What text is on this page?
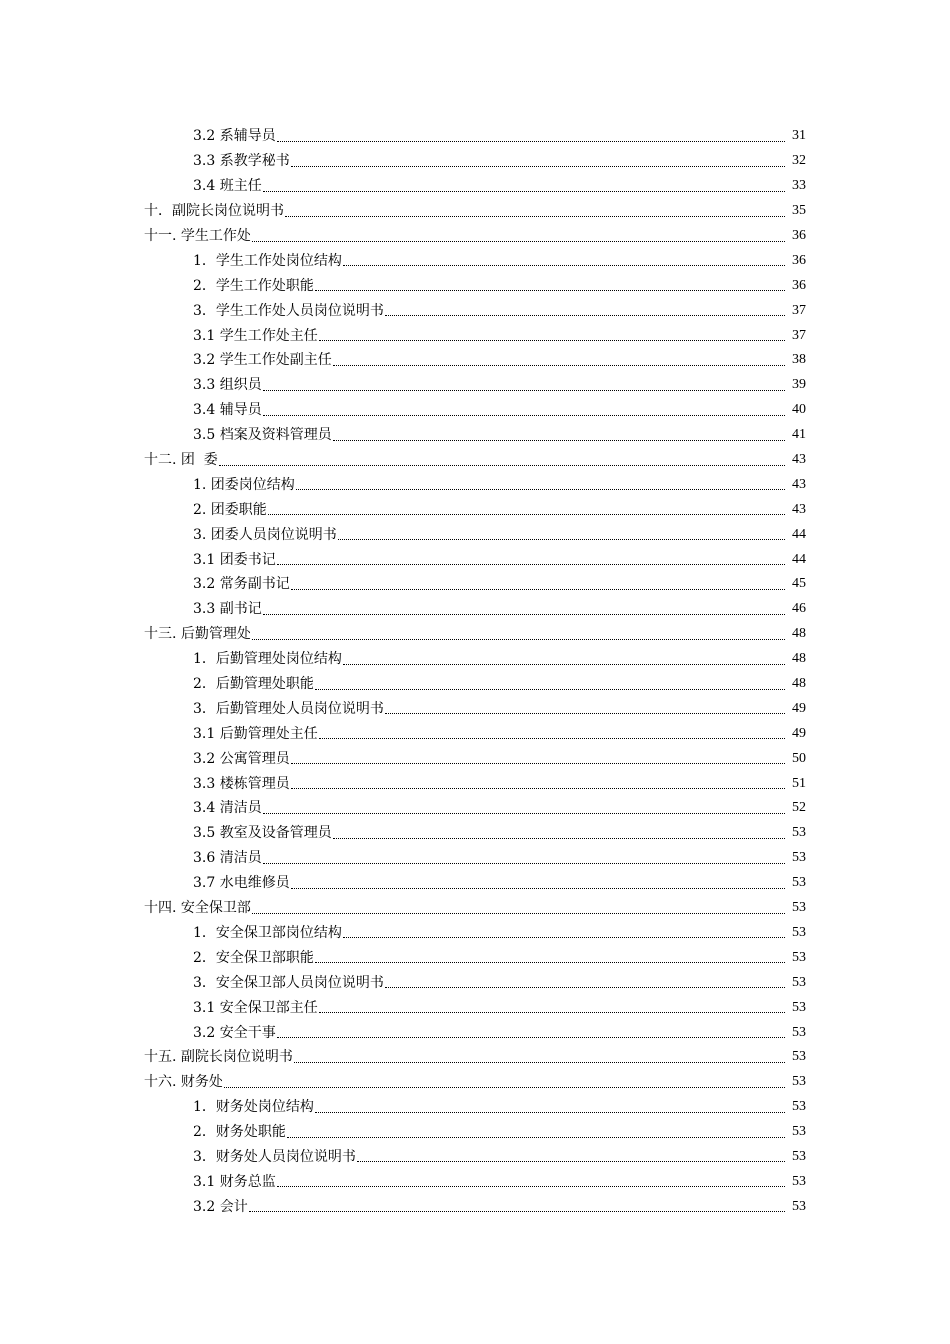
3.2 系辅导员	31
3.3 系教学秘书	32
3.4 班主任	33
十．副院长岗位说明书	35
十一. 学生工作处	36
1．学生工作处岗位结构	36
2．学生工作处职能	36
3．学生工作处人员岗位说明书	37
3.1 学生工作处主任	37
3.2 学生工作处副主任	38
3.3 组织员	39
3.4 辅导员	40
3.5 档案及资料管理员	41
十二. 团  委	43
1. 团委岗位结构	43
2. 团委职能	43
3. 团委人员岗位说明书	44
3.1 团委书记	44
3.2 常务副书记	45
3.3 副书记	46
十三. 后勤管理处	48
1．后勤管理处岗位结构	48
2．后勤管理处职能	48
3．后勤管理处人员岗位说明书	49
3.1 后勤管理处主任	49
3.2 公寓管理员	50
3.3 楼栋管理员	51
3.4 清洁员	52
3.5 教室及设备管理员	53
3.6 清洁员	53
3.7 水电维修员	53
十四. 安全保卫部	53
1．安全保卫部岗位结构	53
2．安全保卫部职能	53
3．安全保卫部人员岗位说明书	53
3.1 安全保卫部主任	53
3.2 安全干事	53
十五. 副院长岗位说明书	53
十六. 财务处	53
1．财务处岗位结构	53
2．财务处职能	53
3．财务处人员岗位说明书	53
3.1 财务总监	53
3.2 会计	53
